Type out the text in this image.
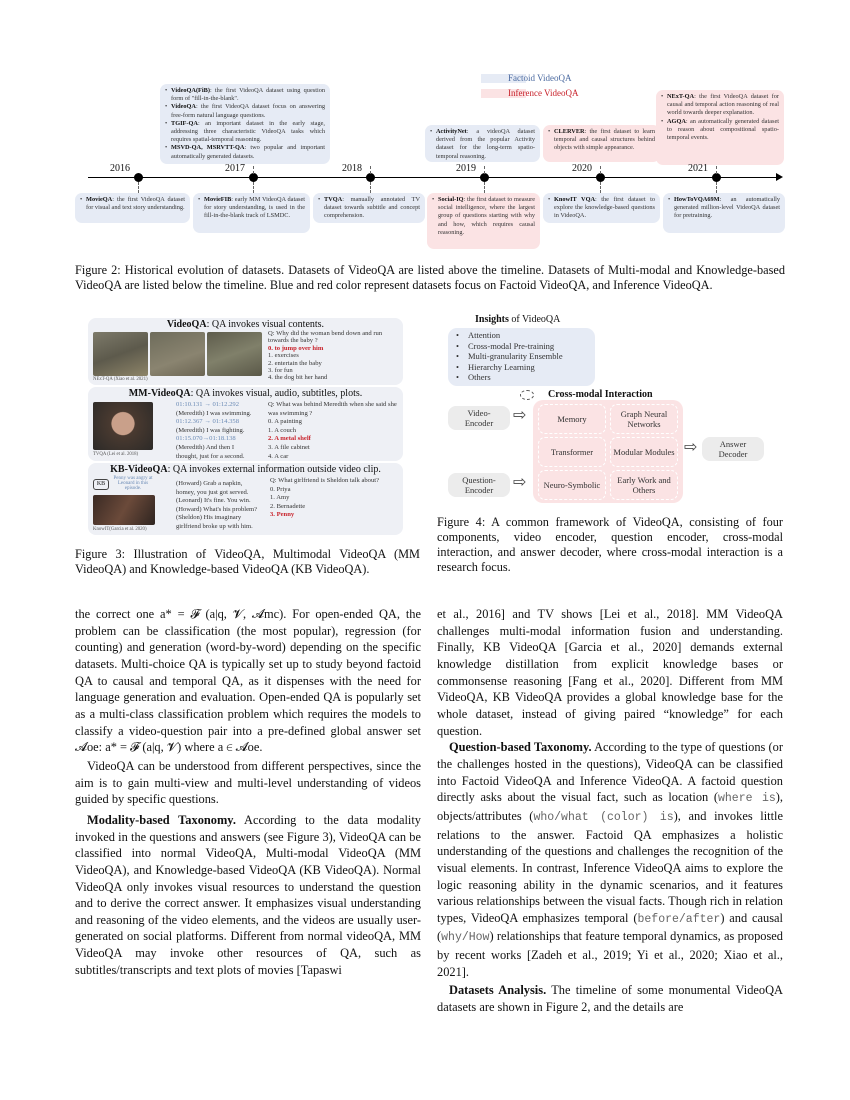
Factoid VideoQA
Inference VideoQA
• VideoQA(FiB): the first VideoQA dataset using question form of "fill-in-the-blank".
• VideoQA: the first VideoQA dataset focus on answering free-form natural language questions.
• TGIF-QA: an important dataset in the early stage, addressing three characteristic VideoQA tasks which requires spatial-temporal reasoning.
• MSVD-QA, MSRVTT-QA: two popular and important automatically generated datasets.
• ActivityNet: a videoQA dataset derived from the popular Activity dataset for the long-term spatio-temporal reasoning.
• CLERVER: the first dataset to learn temporal and causal structures behind objects with simple appearance.
• NExT-QA: the first VideoQA dataset for causal and temporal action reasoning of real world towards deeper explanation.
• AGQA: an automatically generated dataset to reason about compositional spatio-temporal events.
2016	2017	2018	2019	2020	2021
• MovieQA: the first VideoQA dataset for visual and text story understanding.
• MovieFIB: early MM VideoQA dataset for story understanding, is used in the fill-in-the-blank track of LSMDC.
• TVQA: manually annotated TV dataset towards subtitle and concept comprehension.
• Social-IQ: the first dataset to measure social intelligence, where the largest group of questions starting with why and how, which requires causal reasoning.
• KnowIT VQA: the first dataset to explore the knowledge-based questions in VideoQA.
• HowToVQA69M: an automatically generated million-level VideoQA dataset for pretraining.
Figure 2: Historical evolution of datasets. Datasets of VideoQA are listed above the timeline. Datasets of Multi-modal and Knowledge-based VideoQA are listed below the timeline. Blue and red color represent datasets focus on Factoid VideoQA, and Inference VideoQA.
VideoQA: QA invokes visual contents.
NExT-QA (Xiao et al. 2021)
Q: Why did the woman bend down and run towards the baby ?
0. to jump over him
1. exercises
2. entertain the baby
3. for fun
4. the dog bit her hand
MM-VideoQA: QA invokes visual, audio, subtitles, plots.
TVQA (Lei et al. 2018)
01:10.131 → 01:12.292
(Meredith) I was swimming.
01:12.367 → 01:14.358
(Meredith) I was fighting.
01:15.070→01:18.138
(Meredith) And then I
thought, just for a second.
Q: What was behind Meredith when she said she was swimming ?
0. A painting
1. A couch
2. A metal shelf
3. A file cabinet
4. A car
KB-VideoQA: QA invokes external information outside video clip.
KB
Penny was angry at Leonard in this episode.
KnowIT(Garcia et al. 2020)
(Howard) Grab a napkin,
homey, you just got served.
(Leonard) It's fine. You win.
(Howard) What's his problem?
(Sheldon) His imaginary
girlfriend broke up with him.
Q: What girlfriend is Sheldon talk about?
0. Priya
1. Amy
2. Bernadette
3. Penny
Figure 3: Illustration of VideoQA, Multimodal VideoQA (MM VideoQA) and Knowledge-based VideoQA (KB VideoQA).
Insights of VideoQA
• Attention
• Cross-modal Pre-training
• Multi-granularity Ensemble
• Hierarchy Learning
• Others
Cross-modal Interaction
Video-
Encoder
Question-
Encoder
⇨
⇨
Memory	Graph Neural Networks
Transformer	Modular Modules
Neuro-Symbolic	Early Work and Others
⇨	Answer
Decoder
Figure 4: A common framework of VideoQA, consisting of four components, video encoder, question encoder, cross-modal interaction, and answer decoder, where cross-modal interaction is a research focus.

the correct one a* = 𝓕 (a|q, 𝓥, 𝓐mc). For open-ended QA, the problem can be classification (the most popular), regression (for counting) and generation (word-by-word) depending on the specific datasets. Multi-choice QA is typically set up to study beyond factoid QA to causal and temporal QA, as it dispenses with the need for language generation and evaluation. Open-ended QA is popularly set as a multi-class classification problem which requires the models to classify a video-question pair into a pre-defined global answer set 𝓐oe: a* = 𝓕 (a|q, 𝓥) where a ∈ 𝓐oe.

VideoQA can be understood from different perspectives, since the aim is to gain multi-view and multi-level understanding of videos guided by specific questions.

Modality-based Taxonomy. According to the data modality invoked in the questions and answers (see Figure 3), VideoQA can be classified into normal VideoQA, Multi-modal VideoQA (MM VideoQA), and Knowledge-based VideoQA (KB VideoQA). Normal VideoQA only invokes visual resources to understand the question and to derive the correct answer. It emphasizes visual understanding and reasoning of the video elements, and the videos are usually user-generated on social platforms. Different from normal videoQA, MM VideoQA may invoke other resources of QA, such as subtitles/transcripts and text plots of movies [Tapaswi

et al., 2016] and TV shows [Lei et al., 2018]. MM VideoQA challenges multi-modal information fusion and understanding. Finally, KB VideoQA [Garcia et al., 2020] demands external knowledge distillation from explicit knowledge bases or commonsense reasoning [Fang et al., 2020]. Different from MM VideoQA, KB VideoQA provides a global knowledge base for the whole dataset, instead of giving paired “knowledge” for each question.

Question-based Taxonomy. According to the type of questions (or the challenges hosted in the questions), VideoQA can be classified into Factoid VideoQA and Inference VideoQA. A factoid question directly asks about the visual fact, such as location (where is), objects/attributes (who/what (color) is), and invokes little relations to the answer. Factoid QA emphasizes a holistic understanding of the questions and challenges the recognition of the visual elements. In contrast, Inference VideoQA aims to explore the logic reasoning ability in the dynamic scenarios, and it features various relationships between the visual facts. Though rich in relation types, VideoQA emphasizes temporal (before/after) and causal (why/How) relationships that feature temporal dynamics, as proposed by recent works [Zadeh et al., 2019; Yi et al., 2020; Xiao et al., 2021].

Datasets Analysis. The timeline of some monumental VideoQA datasets are shown in Figure 2, and the details are
